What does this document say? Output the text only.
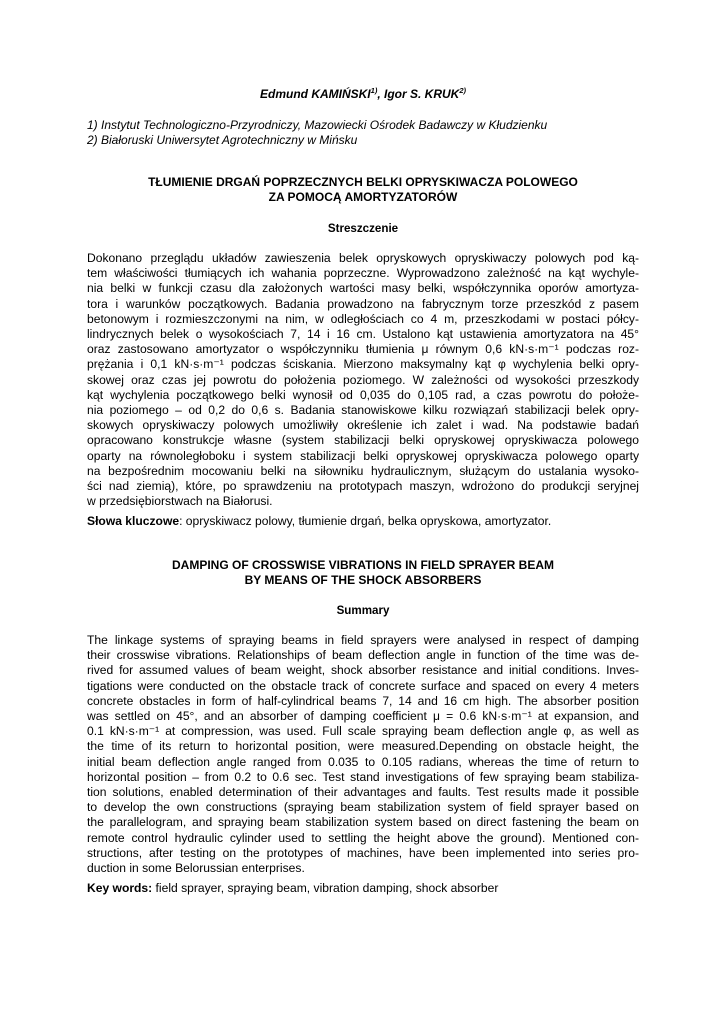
Edmund KAMIŃSKI$^{1)}$, Igor S. KRUK$^{2)}$
1) Instytut Technologiczno-Przyrodniczy, Mazowiecki Ośrodek Badawczy w Kłudzienku
2) Białoruski Uniwersytet Agrotechniczny w Mińsku
TŁUMIENIE DRGAŃ POPRZECZNYCH BELKI OPRYSKIWACZA POLOWEGO
ZA POMOCĄ AMORTYZATORÓW
Streszczenie
Dokonano przeglądu układów zawieszenia belek opryskowych opryskiwaczy polowych pod ką-
tem właściwości tłumiących ich wahania poprzeczne. Wyprowadzono zależność na kąt wychyle-
nia belki w funkcji czasu dla założonych wartości masy belki, współczynnika oporów amortyza-
tora i warunków początkowych. Badania prowadzono na fabrycznym torze przeszkód z pasem
betonowym i rozmieszczonymi na nim, w odległościach co 4 m, przeszkodami w postaci półcy-
lindrycznych belek o wysokościach 7, 14 i 16 cm. Ustalono kąt ustawienia amortyzatora na 45°
oraz zastosowano amortyzator o współczynniku tłumienia μ równym 0,6 kN·s·m⁻¹ podczas roz-
prężania i 0,1 kN·s·m⁻¹ podczas ściskania. Mierzono maksymalny kąt φ wychylenia belki opry-
skowej oraz czas jej powrotu do położenia poziomego. W zależności od wysokości przeszkody
kąt wychylenia początkowego belki wynosił od 0,035 do 0,105 rad, a czas powrotu do położe-
nia poziomego – od 0,2 do 0,6 s. Badania stanowiskowe kilku rozwiązań stabilizacji belek opry-
skowych opryskiwaczy polowych umożliwiły określenie ich zalet i wad. Na podstawie badań
opracowano konstrukcje własne (system stabilizacji belki opryskowej opryskiwacza polowego
oparty na równoległoboku i system stabilizacji belki opryskowej opryskiwacza polowego oparty
na bezpośrednim mocowaniu belki na siłowniku hydraulicznym, służącym do ustalania wysoko-
ści nad ziemią), które, po sprawdzeniu na prototypach maszyn, wdrożono do produkcji seryjnej
w przedsiębiorstwach na Białorusi.
Słowa kluczowe: opryskiwacz polowy, tłumienie drgań, belka opryskowa, amortyzator.
DAMPING OF CROSSWISE VIBRATIONS IN FIELD SPRAYER BEAM
BY MEANS OF THE SHOCK ABSORBERS
Summary
The linkage systems of spraying beams in field sprayers were analysed in respect of damping
their crosswise vibrations. Relationships of beam deflection angle in function of the time was de-
rived for assumed values of beam weight, shock absorber resistance and initial conditions. Inves-
tigations were conducted on the obstacle track of concrete surface and spaced on every 4 meters
concrete obstacles in form of half-cylindrical beams 7, 14 and 16 cm high. The absorber position
was settled on 45°, and an absorber of damping coefficient μ = 0.6 kN·s·m⁻¹ at expansion, and
0.1 kN·s·m⁻¹ at compression, was used. Full scale spraying beam deflection angle φ, as well as
the time of its return to horizontal position, were measured.Depending on obstacle height, the
initial beam deflection angle ranged from 0.035 to 0.105 radians, whereas the time of return to
horizontal position – from 0.2 to 0.6 sec. Test stand investigations of few spraying beam stabiliza-
tion solutions, enabled determination of their advantages and faults. Test results made it possible
to develop the own constructions (spraying beam stabilization system of field sprayer based on
the parallelogram, and spraying beam stabilization system based on direct fastening the beam on
remote control hydraulic cylinder used to settling the height above the ground). Mentioned con-
structions, after testing on the prototypes of machines, have been implemented into series pro-
duction in some Belorussian enterprises.
Key words: field sprayer, spraying beam, vibration damping, shock absorber
